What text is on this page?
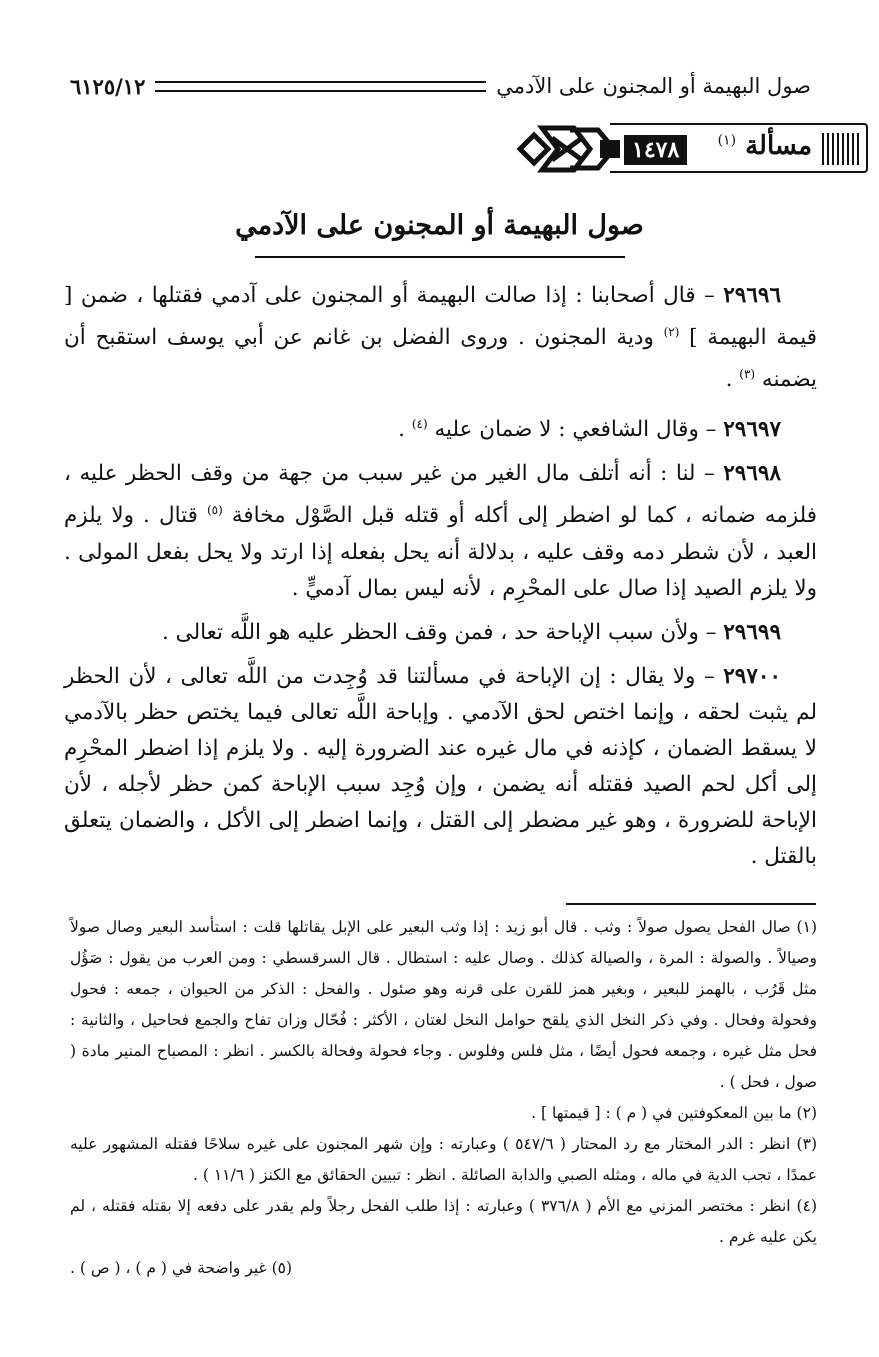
صول البهيمة أو المجنون على الآدمي
٦١٢٥/١٢
مسألة $^{(١)}$
١٤٧٨
صول البهيمة أو المجنون على الآدمي

٢٩٦٩٦ – قال أصحابنا : إذا صالت البهيمة أو المجنون على آدمي فقتلها ، ضمن [ قيمة البهيمة ] $^{(٢)}$ ودية المجنون . وروى الفضل بن غانم عن أبي يوسف استقبح أن يضمنه $^{(٣)}$ .

٢٩٦٩٧ – وقال الشافعي : لا ضمان عليه $^{(٤)}$ .

٢٩٦٩٨ – لنا : أنه أتلف مال الغير من غير سبب من جهة من وقف الحظر عليه ، فلزمه ضمانه ، كما لو اضطر إلى أكله أو قتله قبل الصَّوْل مخافة $^{(٥)}$ قتال . ولا يلزم العبد ، لأن شطر دمه وقف عليه ، بدلالة أنه يحل بفعله إذا ارتد ولا يحل بفعل المولى . ولا يلزم الصيد إذا صال على المحْرِم ، لأنه ليس بمال آدميٍّ .

٢٩٦٩٩ – ولأن سبب الإباحة حد ، فمن وقف الحظر عليه هو اللَّه تعالى .

٢٩٧٠٠ – ولا يقال : إن الإباحة في مسألتنا قد وُجِدت من اللَّه تعالى ، لأن الحظر لم يثبت لحقه ، وإنما اختص لحق الآدمي . وإباحة اللَّه تعالى فيما يختص حظر بالآدمي لا يسقط الضمان ، كإذنه في مال غيره عند الضرورة إليه . ولا يلزم إذا اضطر المحْرِم إلى أكل لحم الصيد فقتله أنه يضمن ، وإن وُجِد سبب الإباحة كمن حظر لأجله ، لأن الإباحة للضرورة ، وهو غير مضطر إلى القتل ، وإنما اضطر إلى الأكل ، والضمان يتعلق بالقتل .

(١) صال الفحل يصول صولاً : وثب . قال أبو زيد : إذا وثب البعير على الإبل يقاتلها قلت : استأسد البعير وصال صولاً وصيالاً . والصولة : المرة ، والصيالة كذلك . وصال عليه : استطال . قال السرقسطي : ومن العرب من يقول : صَؤُل مثل قَرُب ، بالهمز للبعير ، وبغير همز للقرن على قرنه وهو صئول . والفحل : الذكر من الحيوان ، جمعه : فحول وفحولة وفحال . وفي ذكر النخل الذي يلقح حوامل النخل لغتان ، الأكثر : فُحّال وزان تفاح والجمع فحاحيل ، والثانية : فحل مثل غيره ، وجمعه فحول أيضًا ، مثل فلس وفلوس . وجاء فحولة وفحالة بالكسر . انظر : المصباح المنير مادة ( صول ، فحل ) .

(٢) ما بين المعكوفتين في ( م ) : [ قيمتها ] .

(٣) انظر : الدر المختار مع رد المحتار ( ٥٤٧/٦ ) وعبارته : وإن شهر المجنون على غيره سلاحًا فقتله المشهور عليه عمدًا ، تجب الدية في ماله ، ومثله الصبي والدابة الصائلة . انظر : تبيين الحقائق مع الكنز ( ١١/٦ ) .

(٤) انظر : مختصر المزني مع الأم ( ٣٧٦/٨ ) وعبارته : إذا طلب الفحل رجلاً ولم يقدر على دفعه إلا بقتله فقتله ، لم يكن عليه غرم .

(٥) غير واضحة في ( م ) ، ( ص ) .
